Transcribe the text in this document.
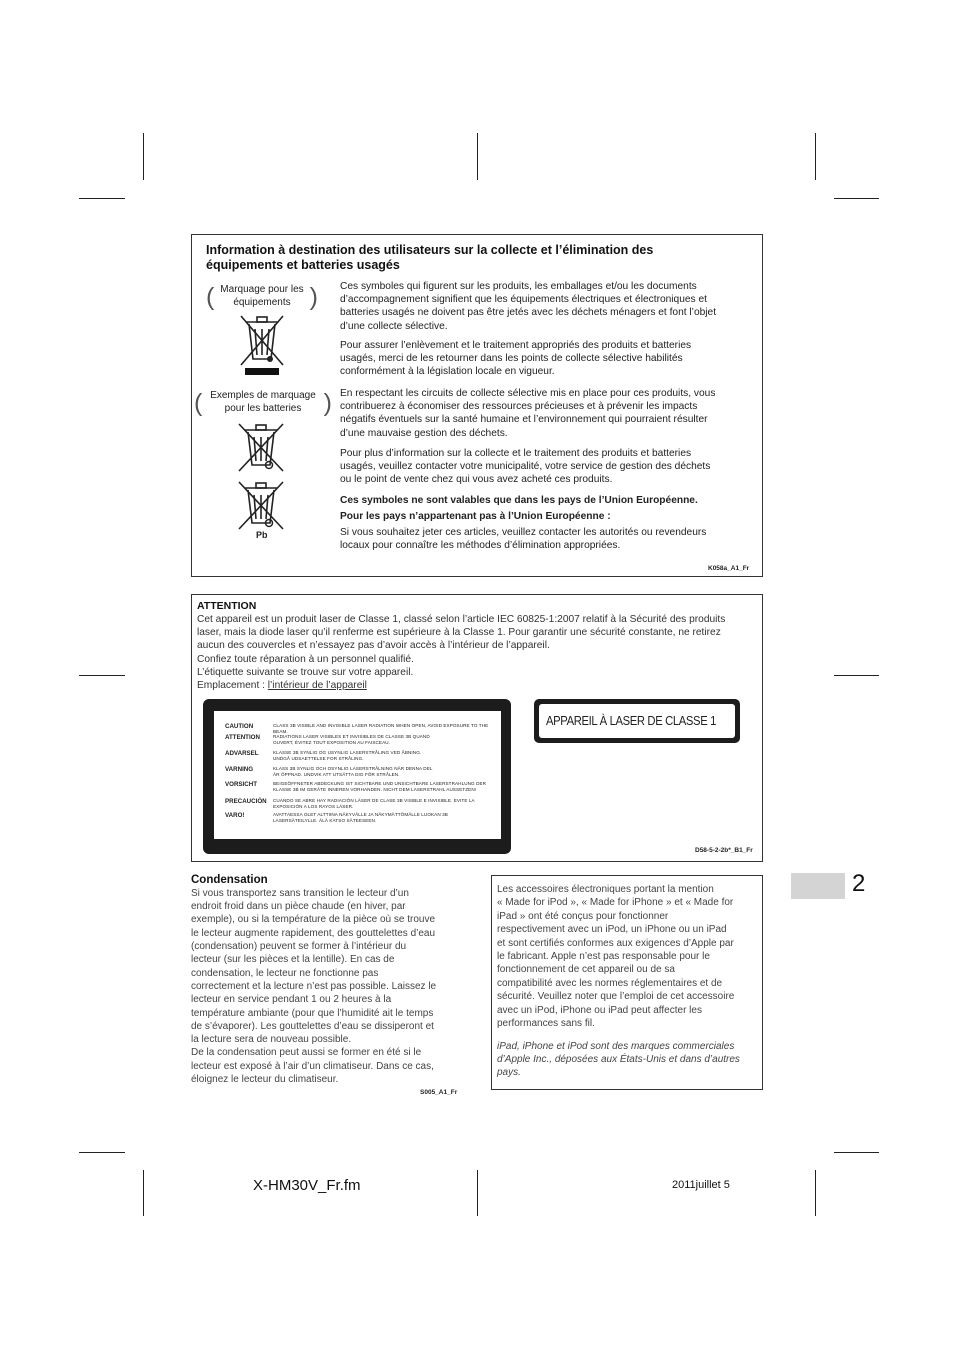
Information à destination des utilisateurs sur la collecte et l’élimination des
équipements et batteries usagés
( Marquage pour les
équipements
)
( Exemples de marquage
pour les batteries
)
Pb
Ces symboles qui figurent sur les produits, les emballages et/ou les documents
d’accompagnement signifient que les équipements électriques et électroniques et
batteries usagés ne doivent pas être jetés avec les déchets ménagers et font l’objet
d’une collecte sélective.
Pour assurer l’enlèvement et le traitement appropriés des produits et batteries
usagés, merci de les retourner dans les points de collecte sélective habilités
conformément à la législation locale en vigueur.
En respectant les circuits de collecte sélective mis en place pour ces produits, vous
contribuerez à économiser des ressources précieuses et à prévenir les impacts
négatifs éventuels sur la santé humaine et l’environnement qui pourraient résulter
d’une mauvaise gestion des déchets.
Pour plus d’information sur la collecte et le traitement des produits et batteries
usagés, veuillez contacter votre municipalité, votre service de gestion des déchets
ou le point de vente chez qui vous avez acheté ces produits.
Ces symboles ne sont valables que dans les pays de l’Union Européenne.
Pour les pays n’appartenant pas à l’Union Européenne :
Si vous souhaitez jeter ces articles, veuillez contacter les autorités ou revendeurs
locaux pour connaître les méthodes d’élimination appropriées.
K058a_A1_Fr
ATTENTION
Cet appareil est un produit laser de Classe 1, classé selon l’article IEC 60825-1:2007 relatif à la Sécurité des produits
laser, mais la diode laser qu’il renferme est supérieure à la Classe 1. Pour garantir une sécurité constante, ne retirez
aucun des couvercles et n’essayez pas d’avoir accès à l’intérieur de l’appareil.
Confiez toute réparation à un personnel qualifié.
L’étiquette suivante se trouve sur votre appareil.
Emplacement : l’intérieur de l’appareil
CAUTION	CLASS 3B VISIBLE AND INVISIBLE LASER RADIATION WHEN OPEN, AVOID EXPOSURE TO THE BEAM.
ATTENTION	RADIATIONS LASER VISIBLES ET INVISIBLES DE CLASSE 3B QUAND
OUVERT, ÉVITEZ TOUT EXPOSITION AU FAISCEAU.
ADVARSEL	KLASSE 3B SYNLIG OG USYNLIG LASERSTRÅLING VED ÅBNING.
UNDGÅ UDSAETTELSE FOR STRÅLING.
VARNING	KLASS 3B SYNLIG OCH OSYNLIG LASERSTRÅLNING NÄR DENNA DEL
ÄR ÖPPNAD. UNDVIK ATT UTSÄTTA DIG FÖR STRÅLEN.
VORSICHT	BEIGEÖFFNETER ABDECKUNG IST SICHTBARE UND UNSICHTBARE LASERSTRAHLUNG DER
KLASSE 3B IM GERÄTE INNEREN VORHANDEN. NICHT DEM LASERSTRAHL AUSSETZEN!
PRECAUCIÓN CUANDO SE ABRE HAY RADIACIÓN LÁSER DE CLASE 3B VISIBLE E INVISIBLE. EVITE LA
EXPOSICIÓN A LOS RAYOS LÁSER.
VARO!	AVATTAESSA OLET ALTTIINA NÄKYVÄLLE JA NÄKYMÄTTÖMÄLLE LUOKAN 3B
LASERSÄTEILYLLE. ÄLÄ KATSO SÄTEESEEN.
APPAREIL À LASER DE CLASSE 1
D58-5-2-2b*_B1_Fr
Condensation
Si vous transportez sans transition le lecteur d’un
endroit froid dans un pièce chaude (en hiver, par
exemple), ou si la température de la pièce où se trouve
le lecteur augmente rapidement, des gouttelettes d’eau
(condensation) peuvent se former à l’intérieur du
lecteur (sur les pièces et la lentille). En cas de
condensation, le lecteur ne fonctionne pas
correctement et la lecture n’est pas possible. Laissez le
lecteur en service pendant 1 ou 2 heures à la
température ambiante (pour que l’humidité ait le temps
de s’évaporer). Les gouttelettes d’eau se dissiperont et
la lecture sera de nouveau possible.
De la condensation peut aussi se former en été si le
lecteur est exposé à l’air d’un climatiseur. Dans ce cas,
éloignez le lecteur du climatiseur.
S005_A1_Fr
Les accessoires électroniques portant la mention
« Made for iPod », « Made for iPhone » et « Made for
iPad » ont été conçus pour fonctionner
respectivement avec un iPod, un iPhone ou un iPad
et sont certifiés conformes aux exigences d’Apple par
le fabricant. Apple n’est pas responsable pour le
fonctionnement de cet appareil ou de sa
compatibilité avec les normes réglementaires et de
sécurité. Veuillez noter que l’emploi de cet accessoire
avec un iPod, iPhone ou iPad peut affecter les
performances sans fil.
iPad, iPhone et iPod sont des marques commerciales
d’Apple Inc., déposées aux États-Unis et dans d’autres
pays.
2
X-HM30V_Fr.fm	2011juillet 5
